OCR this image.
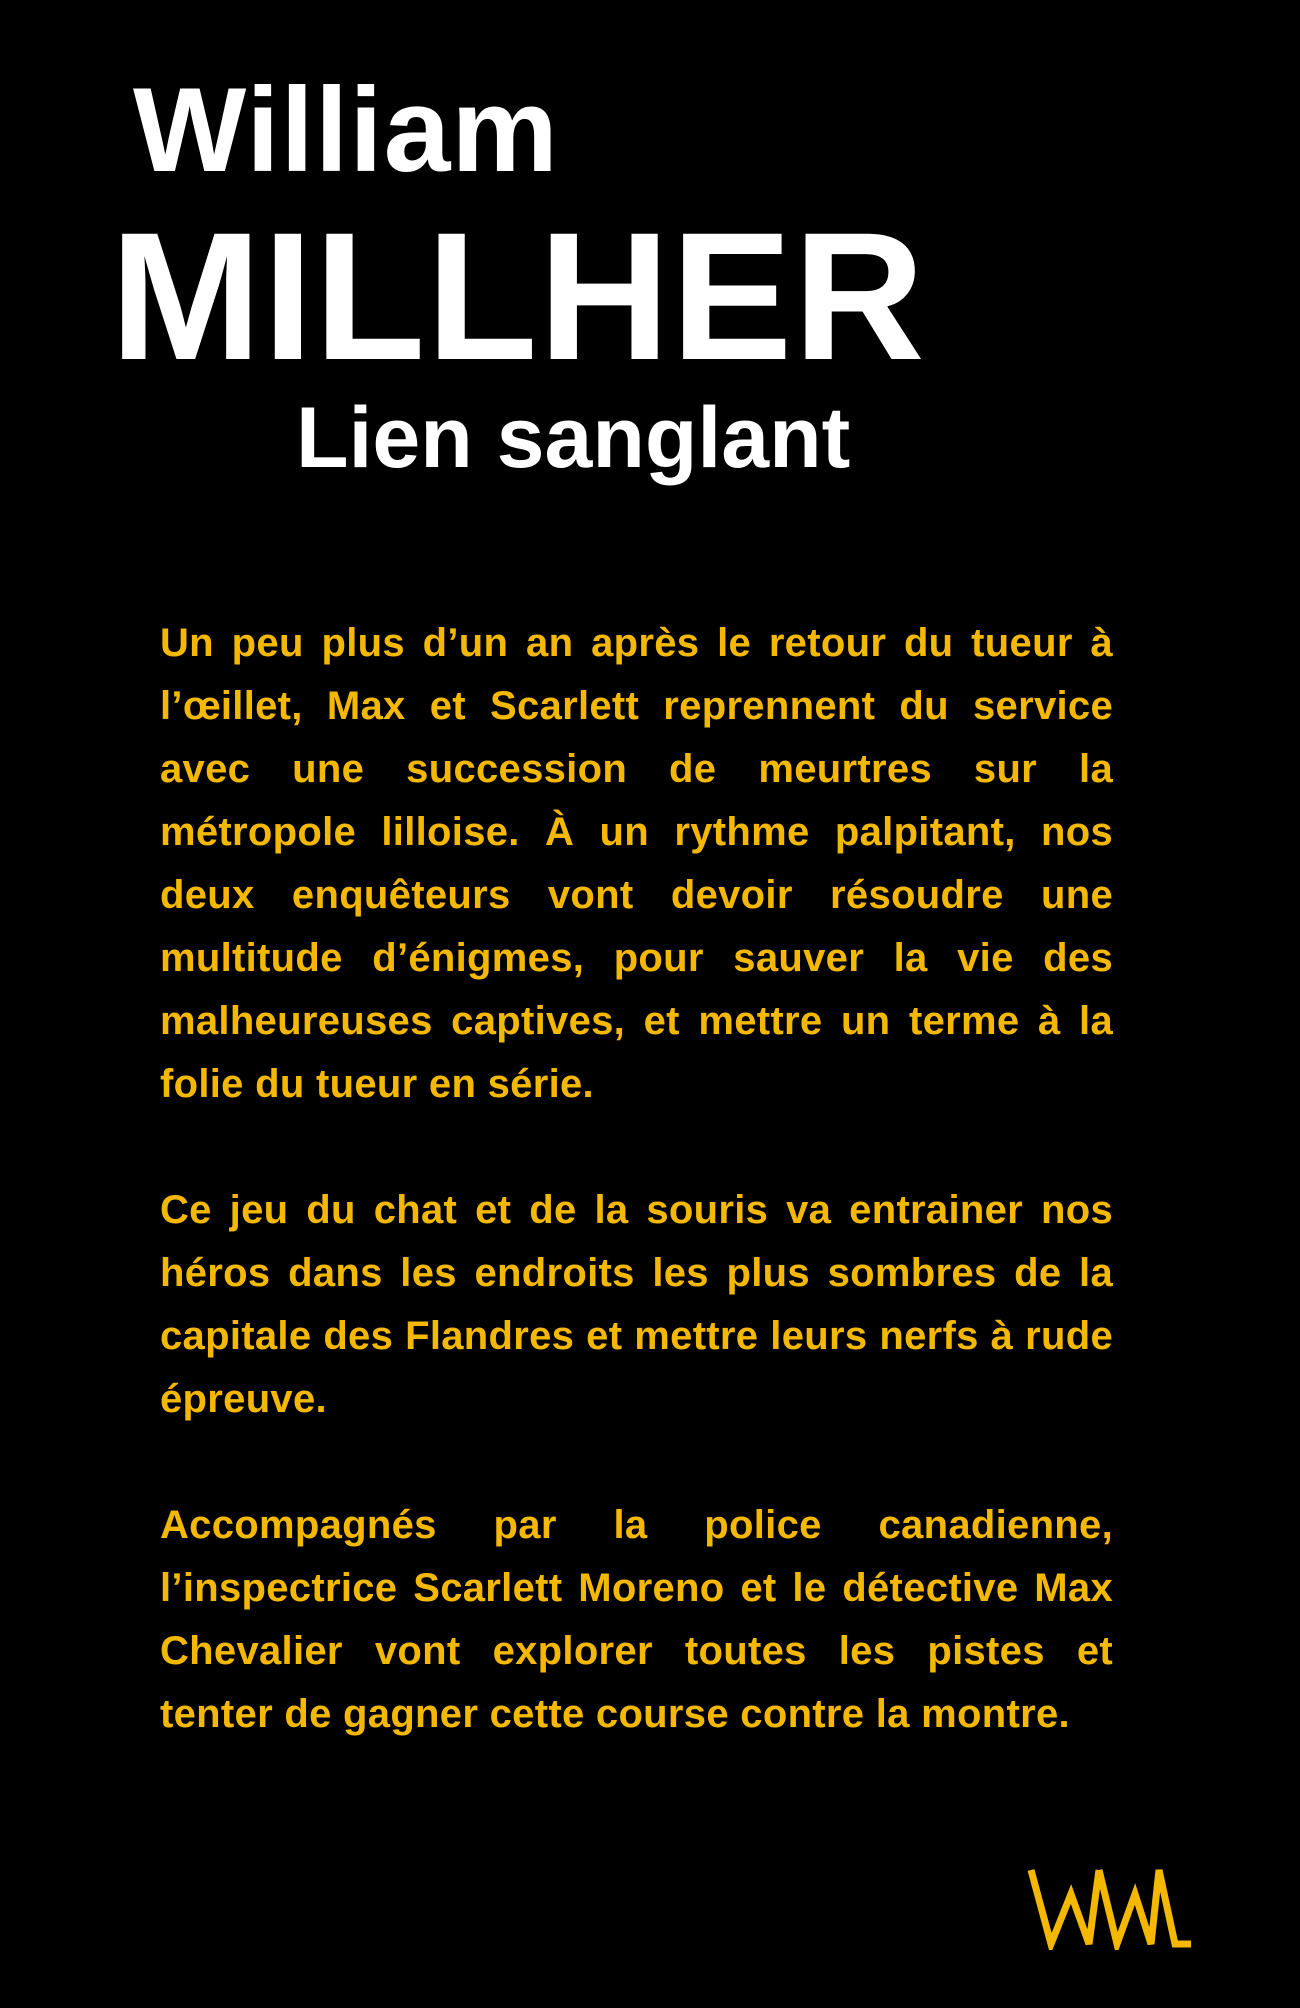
William
MILLHER
Lien sanglant

Un peu plus d’un an après le retour du tueur à l’œillet, Max et Scarlett reprennent du service avec une succession de meurtres sur la métropole lilloise. À un rythme palpitant, nos deux enquêteurs vont devoir résoudre une multitude d’énigmes, pour sauver la vie des malheureuses captives, et mettre un terme à la folie du tueur en série.

Ce jeu du chat et de la souris va entrainer nos héros dans les endroits les plus sombres de la capitale des Flandres et mettre leurs nerfs à rude épreuve.

Accompagnés par la police canadienne, l’inspectrice Scarlett Moreno et le détective Max Chevalier vont explorer toutes les pistes et tenter de gagner cette course contre la montre.
